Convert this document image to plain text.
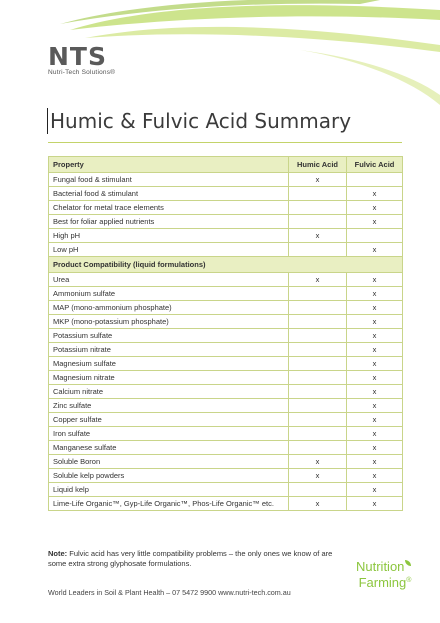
NTS
Nutri-Tech Solutions®
Humic & Fulvic Acid Summary
Property	Humic Acid	Fulvic Acid
Fungal food & stimulant	x	
Bacterial food & stimulant		x
Chelator for metal trace elements		x
Best for foliar applied nutrients		x
High pH	x	
Low pH		x
Product Compatibility (liquid formulations)		
Urea	x	x
Ammonium sulfate		x
MAP (mono-ammonium phosphate)		x
MKP (mono-potassium phosphate)		x
Potassium sulfate		x
Potassium nitrate		x
Magnesium sulfate		x
Magnesium nitrate		x
Calcium nitrate		x
Zinc sulfate		x
Copper sulfate		x
Iron sulfate		x
Manganese sulfate		x
Soluble Boron	x	x
Soluble kelp powders	x	x
Liquid kelp		x
Lime-Life Organic™, Gyp-Life Organic™, Phos-Life Organic™ etc.	x	x
Note: Fulvic acid has very little compatibility problems – the only ones we know of are some extra strong glyphosate formulations.
World Leaders in Soil & Plant Health – 07 5472 9900 www.nutri-tech.com.au
Nutrition
Farming®
